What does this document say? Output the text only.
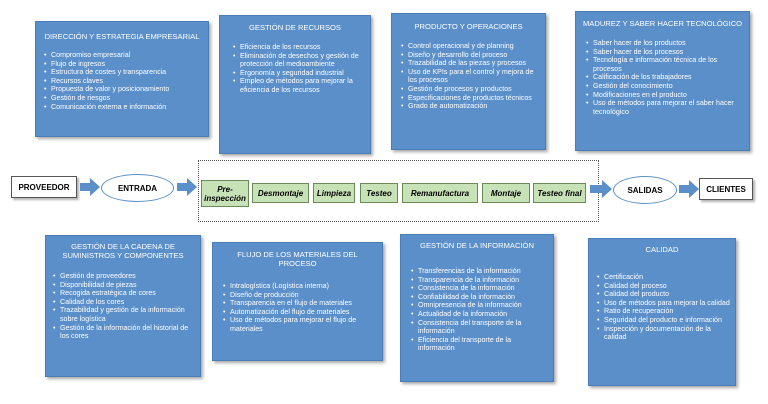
DIRECCIÓN Y ESTRATEGIA EMPRESARIAL
• Compromiso empresarial
• Flujo de ingresos
• Estructura de costes y transparencia
• Recursos claves
• Propuesta de valor y posicionamiento
• Gestión de riesgos
• Comunicación externa e información
GESTIÓN DE RECURSOS
• Eficiencia de los recursos
• Eliminación de desechos y gestión de protección del medioambiente
• Ergonomía y seguridad industrial
• Empleo de métodos para mejorar la eficiencia de los recursos
PRODUCTO Y OPERACIONES
• Control operacional y de planning
• Diseño y desarrollo del proceso
• Trazabilidad de las piezas y procesos
• Uso de KPIs para el control y mejora de los procesos
• Gestión de procesos y productos
• Especificaciones de productos técnicos
• Grado de automatización
MADUREZ Y SABER HACER TECNOLÓGICO
• Saber hacer de los productos
• Saber hacer de los procesos
• Tecnología e información técnica de los procesos
• Calificación de los trabajadores
• Gestión del conocimiento
• Modificaciones en el producto
• Uso de métodos para mejorar el saber hacer tecnológico
PROVEEDOR	ENTRADA	Pre-inspección
Desmontaje	Limpieza	Testeo	Remanufactura	Montaje	Testeo final	SALIDAS	CLIENTES
GESTIÓN DE LA CADENA DE SUMINISTROS Y COMPONENTES
• Gestión de proveedores
• Disponibilidad de piezas
• Recogida estratégica de cores
• Calidad de los cores
• Trazabilidad y gestión de la información sobre logística
• Gestión de la información del historial de los cores
FLUJO DE LOS MATERIALES DEL PROCESO
• Intralogística (Logística interna)
• Diseño de producción
• Transparencia en el flujo de materiales
• Automatización del flujo de materiales
• Uso de métodos para mejorar el flujo de materiales
GESTIÓN DE LA INFORMACIÓN
• Transferencias de la información
• Transparencia de la información
• Consistencia de la información
• Confiabilidad de la información
• Omnipresencia de la información
• Actualidad de la información
• Consistencia del transporte de la información
• Eficiencia del transporte de la información
CALIDAD
• Certificación
• Calidad del proceso
• Calidad del producto
• Uso de métodos para mejorar la calidad
• Ratio de recuperación
• Seguridad del producto e información
• Inspección y documentación de la calidad
